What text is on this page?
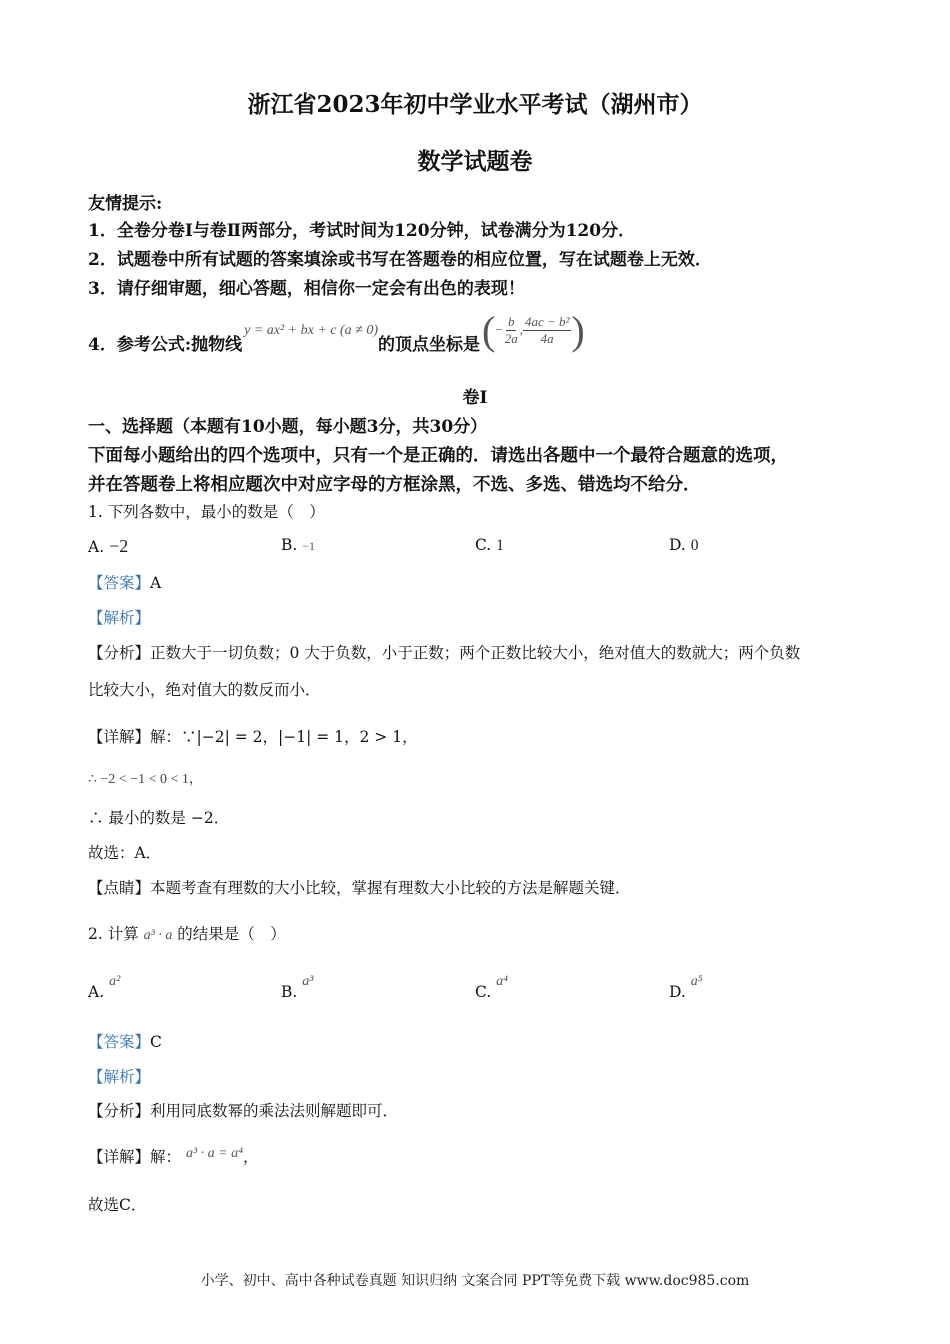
浙江省2023年初中学业水平考试（湖州市）
数学试题卷
友情提示:
1．全卷分卷Ⅰ与卷Ⅱ两部分，考试时间为120分钟，试卷满分为120分．
2．试题卷中所有试题的答案填涂或书写在答题卷的相应位置，写在试题卷上无效．
3．请仔细审题，细心答题，相信你一定会有出色的表现！
4．参考公式:抛物线
y = ax² + bx + c (a ≠ 0)
的顶点坐标是 ( − $\frac{b}{2a}$ , $\frac{\text{4ac − b²}}{4a}$ )
卷Ⅰ
一、选择题（本题有10小题，每小题3分，共30分）
下面每小题给出的四个选项中，只有一个是正确的．请选出各题中一个最符合题意的选项，
并在答题卷上将相应题次中对应字母的方框涂黑，不选、多选、错选均不给分．
1. 下列各数中，最小的数是（　）
A. −2	B. −1	C. 1	D. 0
【答案】A
【解析】
【分析】正数大于一切负数；0 大于负数，小于正数；两个正数比较大小，绝对值大的数就大；两个负数
比较大小，绝对值大的数反而小．
【详解】解：∵|−2| = 2，|−1| = 1，2 > 1，
∴ −2 < −1 < 0 < 1，
∴ 最小的数是 −2．
故选：A．
【点睛】本题考查有理数的大小比较，掌握有理数大小比较的方法是解题关键．
2. 计算 a³ · a 的结果是（　）
A. a²
B. a³
C. a⁴
D. a⁵
【答案】C
【解析】
【分析】利用同底数幂的乘法法则解题即可．
【详解】解： a³ · a = a⁴，
故选C．
小学、初中、高中各种试卷真题 知识归纳 文案合同 PPT等免费下载 www.doc985.com
